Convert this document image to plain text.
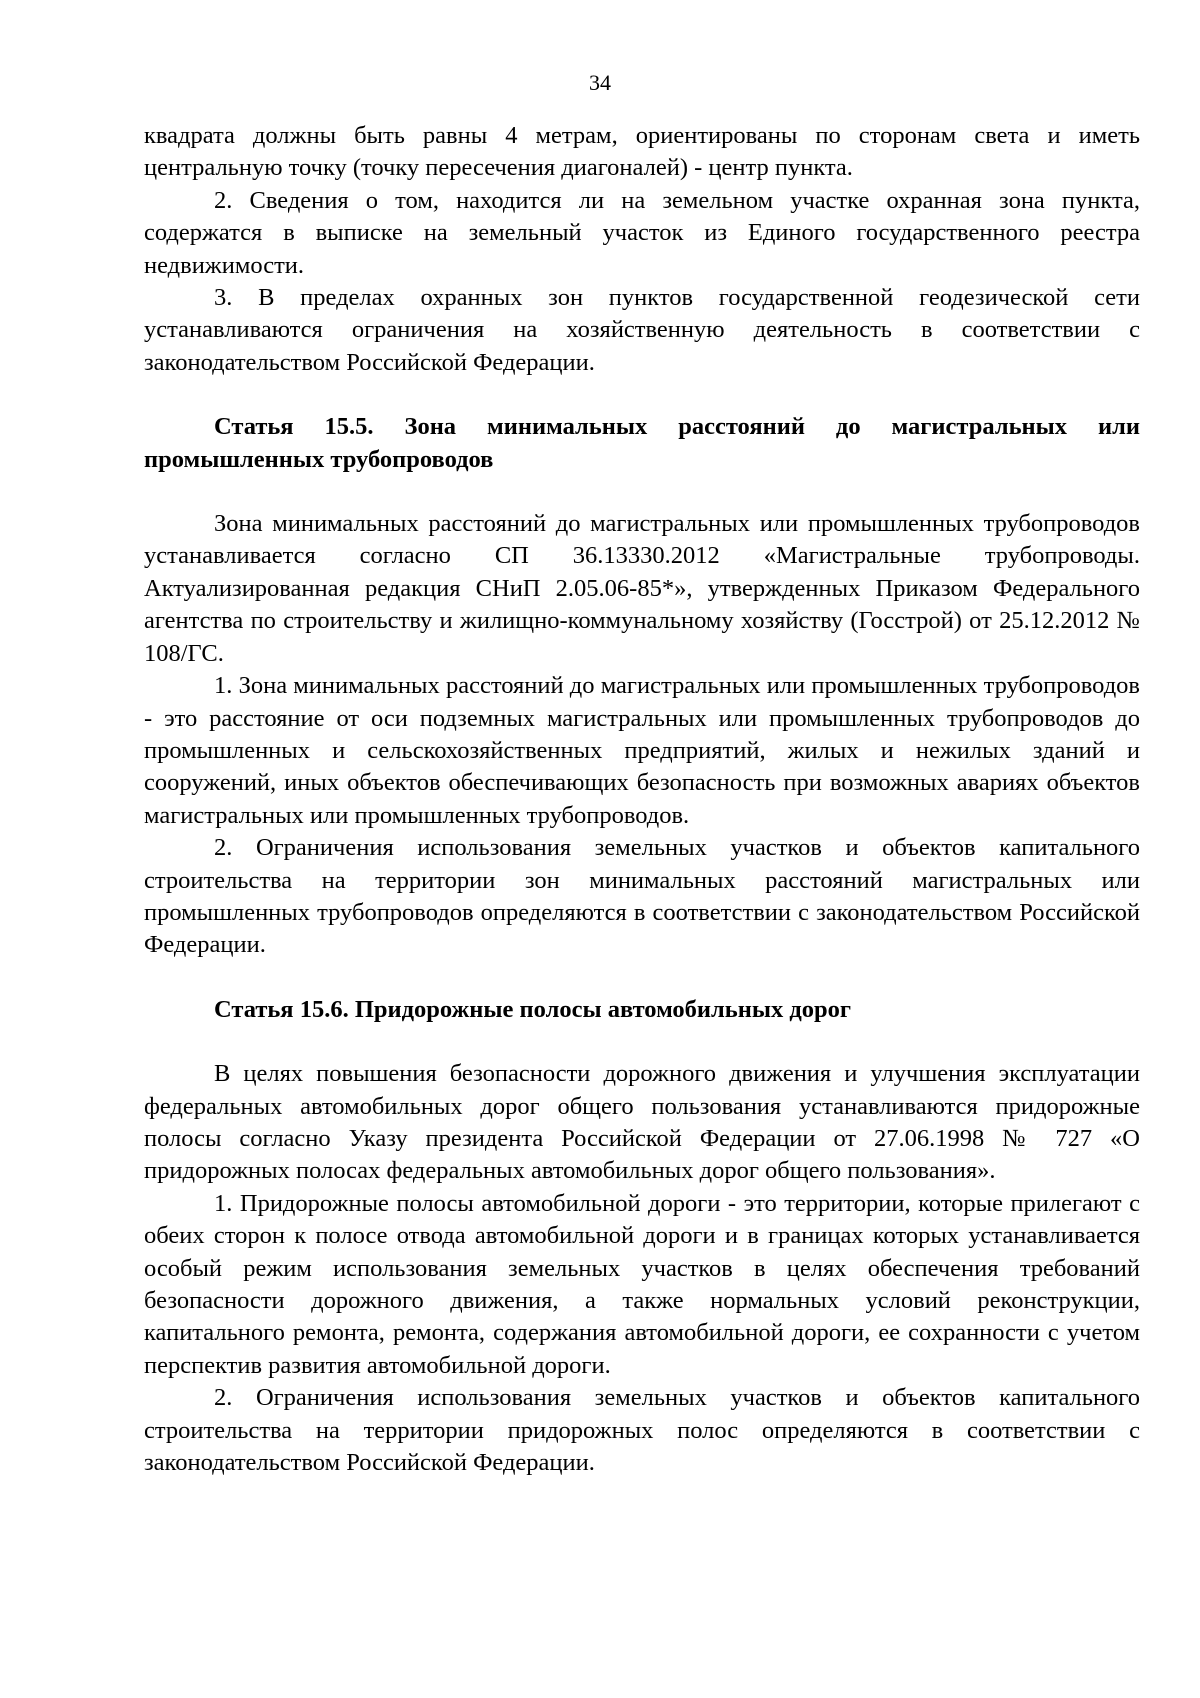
34

квадрата должны быть равны 4 метрам, ориентированы по сторонам света и иметь центральную точку (точку пересечения диагоналей) - центр пункта.

2. Сведения о том, находится ли на земельном участке охранная зона пункта, содержатся в выписке на земельный участок из Единого государственного реестра недвижимости.

3. В пределах охранных зон пунктов государственной геодезической сети устанавливаются ограничения на хозяйственную деятельность в соответствии с законодательством Российской Федерации.

Статья 15.5. Зона минимальных расстояний до магистральных или промышленных трубопроводов

Зона минимальных расстояний до магистральных или промышленных трубопроводов устанавливается согласно СП 36.13330.2012 «Магистральные трубопроводы. Актуализированная редакция СНиП 2.05.06-85*», утвержденных Приказом Федерального агентства по строительству и жилищно-коммунальному хозяйству (Госстрой) от 25.12.2012 № 108/ГС.

1. Зона минимальных расстояний до магистральных или промышленных трубопроводов - это расстояние от оси подземных магистральных или промышленных трубопроводов до промышленных и сельскохозяйственных предприятий, жилых и нежилых зданий и сооружений, иных объектов обеспечивающих безопасность при возможных авариях объектов магистральных или промышленных трубопроводов.

2. Ограничения использования земельных участков и объектов капитального строительства на территории зон минимальных расстояний магистральных или промышленных трубопроводов определяются в соответствии с законодательством Российской Федерации.

Статья 15.6. Придорожные полосы автомобильных дорог

В целях повышения безопасности дорожного движения и улучшения эксплуатации федеральных автомобильных дорог общего пользования устанавливаются придорожные полосы согласно Указу президента Российской Федерации от 27.06.1998 № 727 «О придорожных полосах федеральных автомобильных дорог общего пользования».

1. Придорожные полосы автомобильной дороги - это территории, которые прилегают с обеих сторон к полосе отвода автомобильной дороги и в границах которых устанавливается особый режим использования земельных участков в целях обеспечения требований безопасности дорожного движения, а также нормальных условий реконструкции, капитального ремонта, ремонта, содержания автомобильной дороги, ее сохранности с учетом перспектив развития автомобильной дороги.

2. Ограничения использования земельных участков и объектов капитального строительства на территории придорожных полос определяются в соответствии с законодательством Российской Федерации.
